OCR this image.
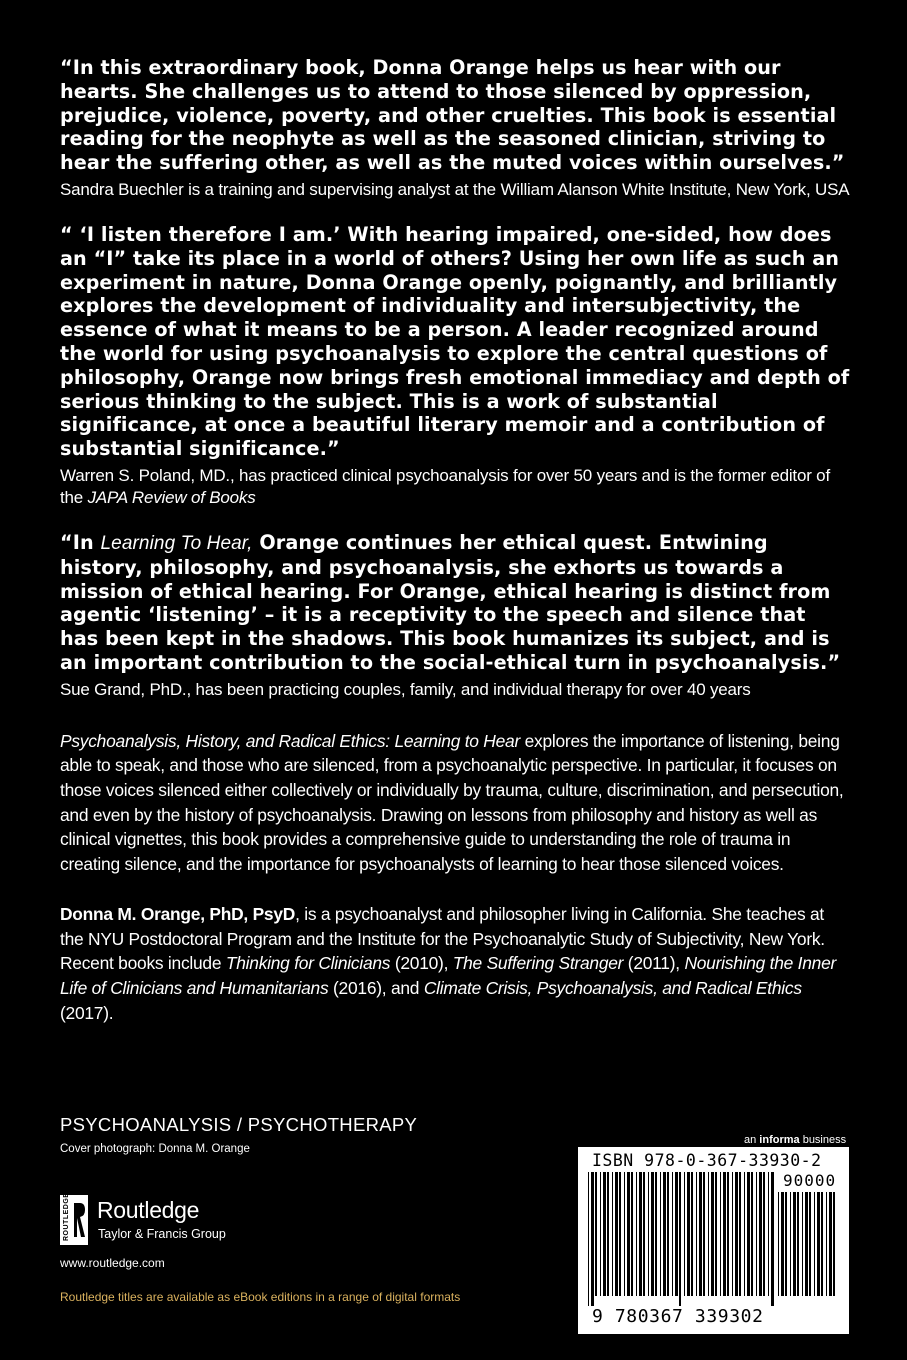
“In this extraordinary book, Donna Orange helps us hear with our hearts. She challenges us to attend to those silenced by oppression, prejudice, violence, poverty, and other cruelties. This book is essential reading for the neophyte as well as the seasoned clinician, striving to hear the suffering other, as well as the muted voices within ourselves.”

Sandra Buechler is a training and supervising analyst at the William Alanson White Institute, New York, USA

“ ‘I listen therefore I am.’ With hearing impaired, one-sided, how does an “I” take its place in a world of others? Using her own life as such an experiment in nature, Donna Orange openly, poignantly, and brilliantly explores the development of individuality and intersubjectivity, the essence of what it means to be a person. A leader recognized around the world for using psychoanalysis to explore the central questions of philosophy, Orange now brings fresh emotional immediacy and depth of serious thinking to the subject. This is a work of substantial significance, at once a beautiful literary memoir and a contribution of substantial significance.”

Warren S. Poland, MD., has practiced clinical psychoanalysis for over 50 years and is the former editor of the JAPA Review of Books

“In Learning To Hear, Orange continues her ethical quest. Entwining history, philosophy, and psychoanalysis, she exhorts us towards a mission of ethical hearing. For Orange, ethical hearing is distinct from agentic ‘listening’ – it is a receptivity to the speech and silence that has been kept in the shadows. This book humanizes its subject, and is an important contribution to the social-ethical turn in psychoanalysis.”

Sue Grand, PhD., has been practicing couples, family, and individual therapy for over 40 years

Psychoanalysis, History, and Radical Ethics: Learning to Hear explores the importance of listening, being able to speak, and those who are silenced, from a psychoanalytic perspective. In particular, it focuses on those voices silenced either collectively or individually by trauma, culture, discrimination, and persecution, and even by the history of psychoanalysis. Drawing on lessons from philosophy and history as well as clinical vignettes, this book provides a comprehensive guide to understanding the role of trauma in creating silence, and the importance for psychoanalysts of learning to hear those silenced voices.

Donna M. Orange, PhD, PsyD, is a psychoanalyst and philosopher living in California. She teaches at the NYU Postdoctoral Program and the Institute for the Psychoanalytic Study of Subjectivity, New York. Recent books include Thinking for Clinicians (2010), The Suffering Stranger (2011), Nourishing the Inner Life of Clinicians and Humanitarians (2016), and Climate Crisis, Psychoanalysis, and Radical Ethics (2017).

PSYCHOANALYSIS / PSYCHOTHERAPY
Cover photograph: Donna M. Orange
ROUTLEDGE Routledge
Taylor & Francis Group
www.routledge.com
Routledge titles are available as eBook editions in a range of digital formats
an informa business
ISBN 978-0-367-33930-2
90000
9 780367 339302
